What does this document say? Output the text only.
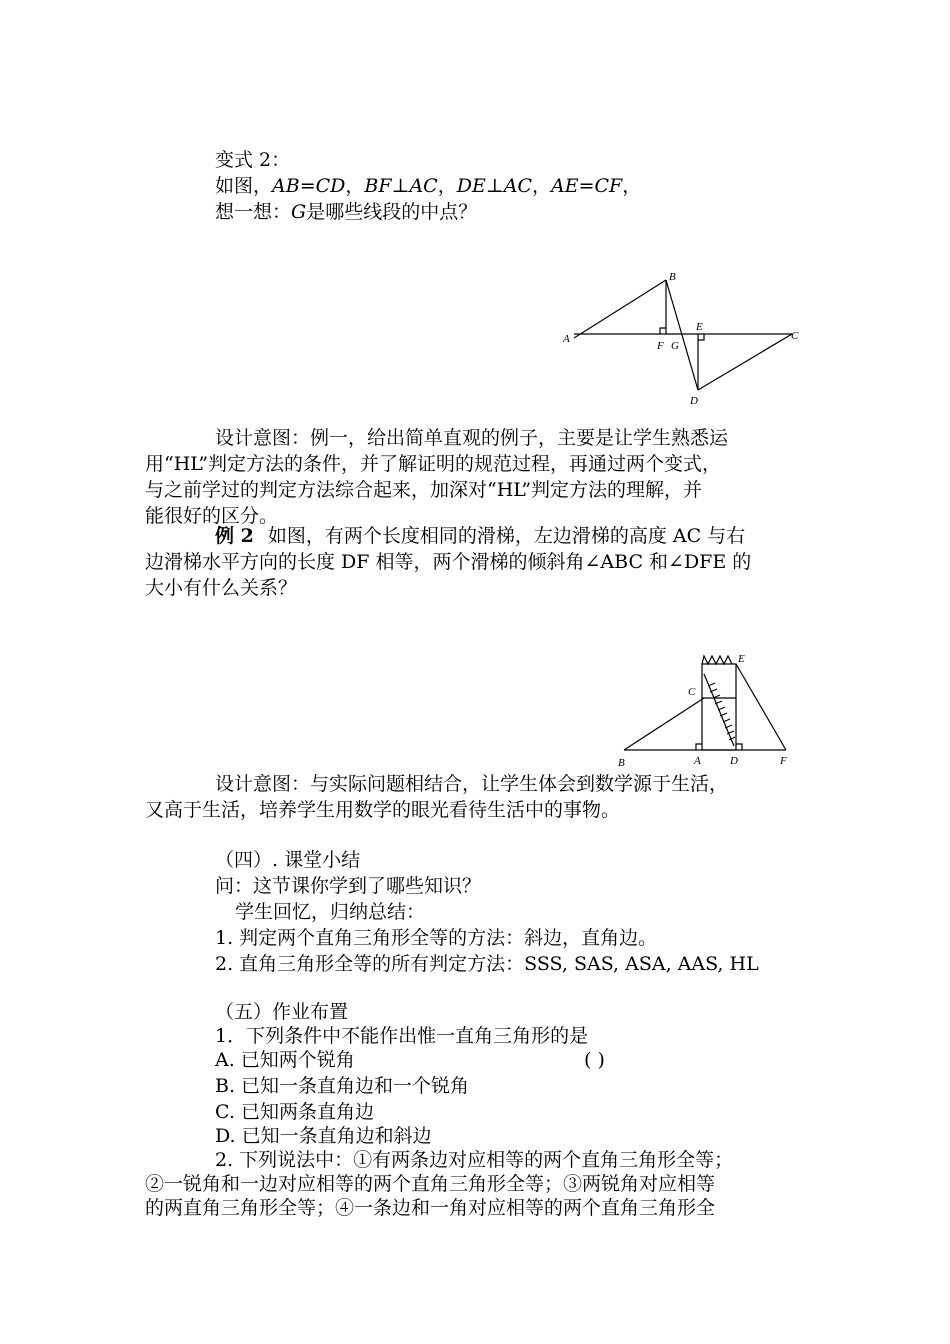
变式 2：
如图，AB=CD，BF⊥AC，DE⊥AC，AE=CF，
想一想：G是哪些线段的中点？
A
B
C
D
E
F G
设计意图：例一，给出简单直观的例子，主要是让学生熟悉运
用“HL”判定方法的条件，并了解证明的规范过程，再通过两个变式，
与之前学过的判定方法综合起来，加深对“HL”判定方法的理解，并
能很好的区分。
例 2 如图，有两个长度相同的滑梯，左边滑梯的高度 AC 与右
边滑梯水平方向的长度 DF 相等，两个滑梯的倾斜角∠ABC 和∠DFE 的
大小有什么关系？
E
C
B	A	D	F
设计意图：与实际问题相结合，让学生体会到数学源于生活，
又高于生活，培养学生用数学的眼光看待生活中的事物。
（四）. 课堂小结
问：这节课你学到了哪些知识？
学生回忆，归纳总结：
1. 判定两个直角三角形全等的方法：斜边，直角边。
2. 直角三角形全等的所有判定方法：SSS, SAS, ASA, AAS, HL
（五）作业布置
1．下列条件中不能作出惟一直角三角形的是
A. 已知两个锐角	( )
B. 已知一条直角边和一个锐角
C. 已知两条直角边
D. 已知一条直角边和斜边
2. 下列说法中：①有两条边对应相等的两个直角三角形全等；
②一锐角和一边对应相等的两个直角三角形全等；③两锐角对应相等
的两直角三角形全等；④一条边和一角对应相等的两个直角三角形全
